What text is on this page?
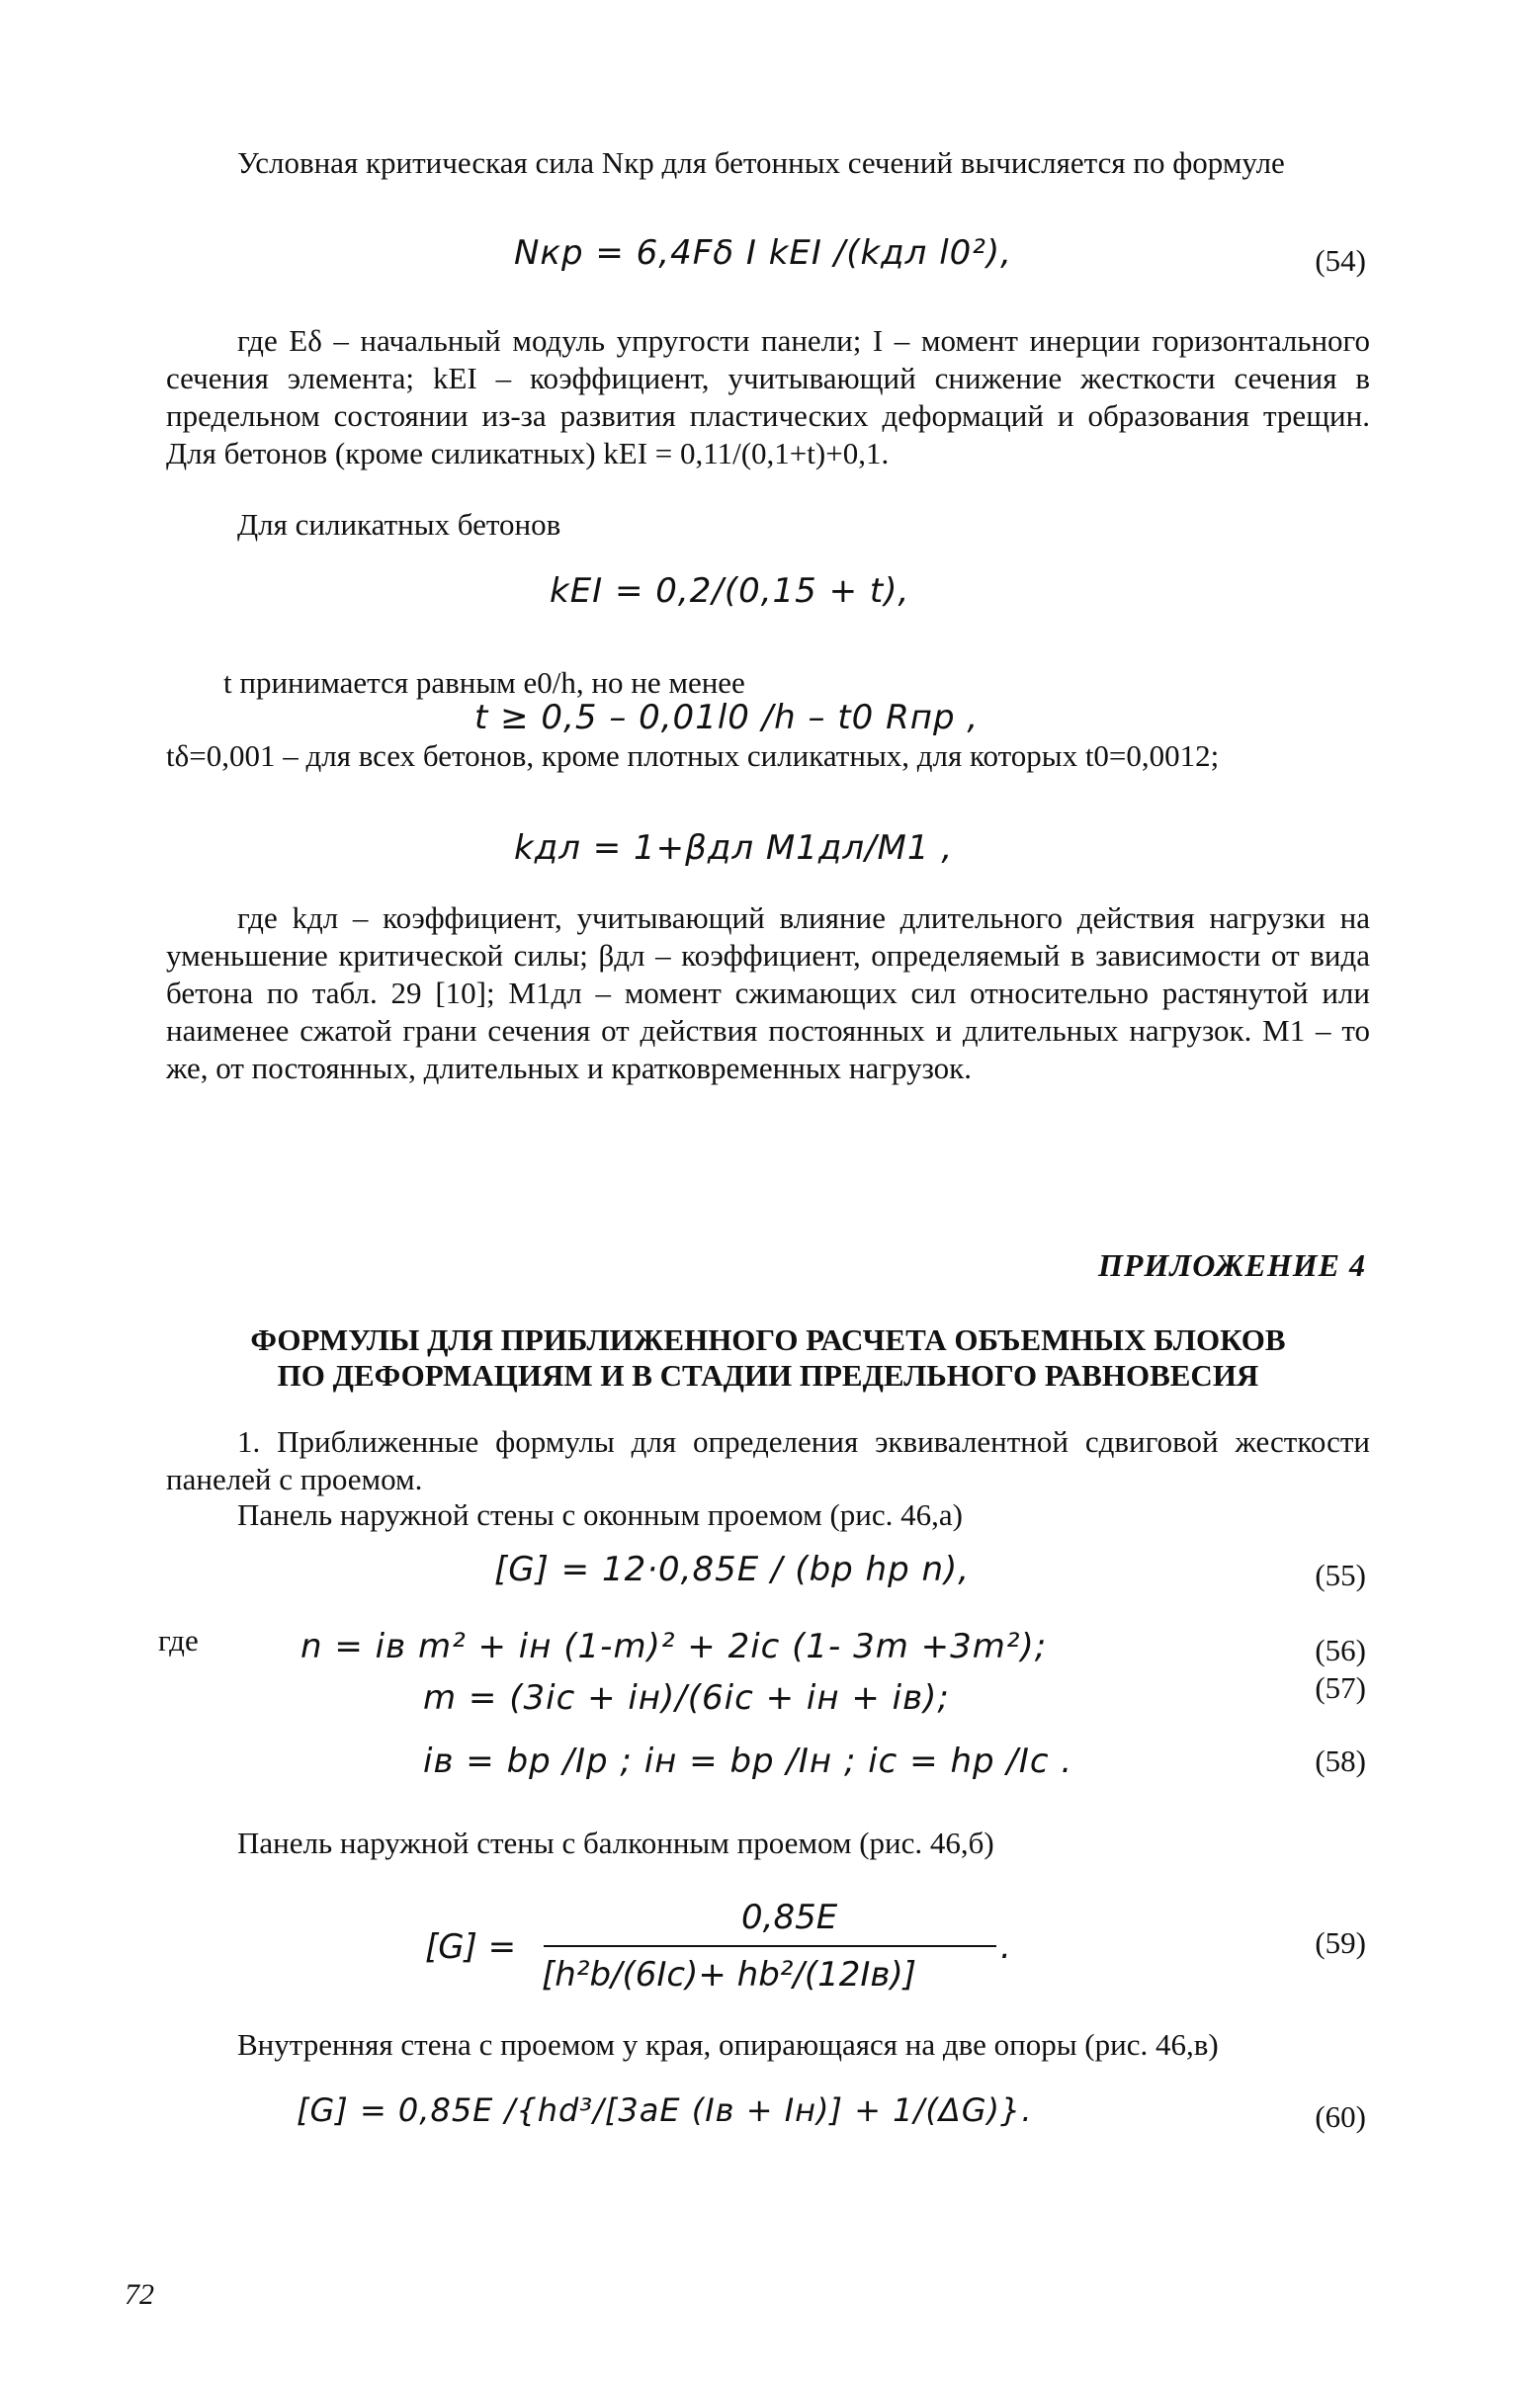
Условная критическая сила Nкр для бетонных сечений вычисляется по формуле
Nкр = 6,4Fδ I kEI /(kдл l0²),	(54)
где Eδ – начальный модуль упругости панели; I – момент инерции горизонтального сечения элемента; kEI – коэффициент, учитывающий снижение жесткости сечения в предельном состоянии из-за развития пластических деформаций и образования трещин. Для бетонов (кроме силикатных) kEI = 0,11/(0,1+t)+0,1.
Для силикатных бетонов
kEI = 0,2/(0,15 + t),
t принимается равным e0/h, но не менее
t ≥ 0,5 – 0,01l0 /h – t0 Rпр ,
tδ=0,001 – для всех бетонов, кроме плотных силикатных, для которых t0=0,0012;
kдл = 1+βдл M1дл/M1 ,
где kдл – коэффициент, учитывающий влияние длительного действия нагрузки на уменьшение критической силы; βдл – коэффициент, определяемый в зависимости от вида бетона по табл. 29 [10]; M1дл – момент сжимающих сил относительно растянутой или наименее сжатой грани сечения от действия постоянных и длительных нагрузок. M1 – то же, от постоянных, длительных и кратковременных нагрузок.
ПРИЛОЖЕНИЕ 4
ФОРМУЛЫ ДЛЯ ПРИБЛИЖЕННОГО РАСЧЕТА ОБЪЕМНЫХ БЛОКОВ
ПО ДЕФОРМАЦИЯМ И В СТАДИИ ПРЕДЕЛЬНОГО РАВНОВЕСИЯ
1. Приближенные формулы для определения эквивалентной сдвиговой жесткости панелей с проемом.
Панель наружной стены с оконным проемом (рис. 46,а)
[G] = 12·0,85E / (bp hp n),	(55)
где	n = iв m² + iн (1-m)² + 2iс (1- 3m +3m²);	(56)
m = (3iс + iн)/(6iс + iн + iв);	(57)
iв = bp /Iр ; iн = bр /Iн ; iс = hр /Iс .	(58)
Панель наружной стены с балконным проемом (рис. 46,б)
[G] =
0,85E
[h²b/(6Iс)+ hb²/(12Iв)]
.	(59)
Внутренняя стена с проемом у края, опирающаяся на две опоры (рис. 46,в)
[G] = 0,85E /{hd³/[3aE (Iв + Iн)] + 1/(ΔG)}.	(60)
72
